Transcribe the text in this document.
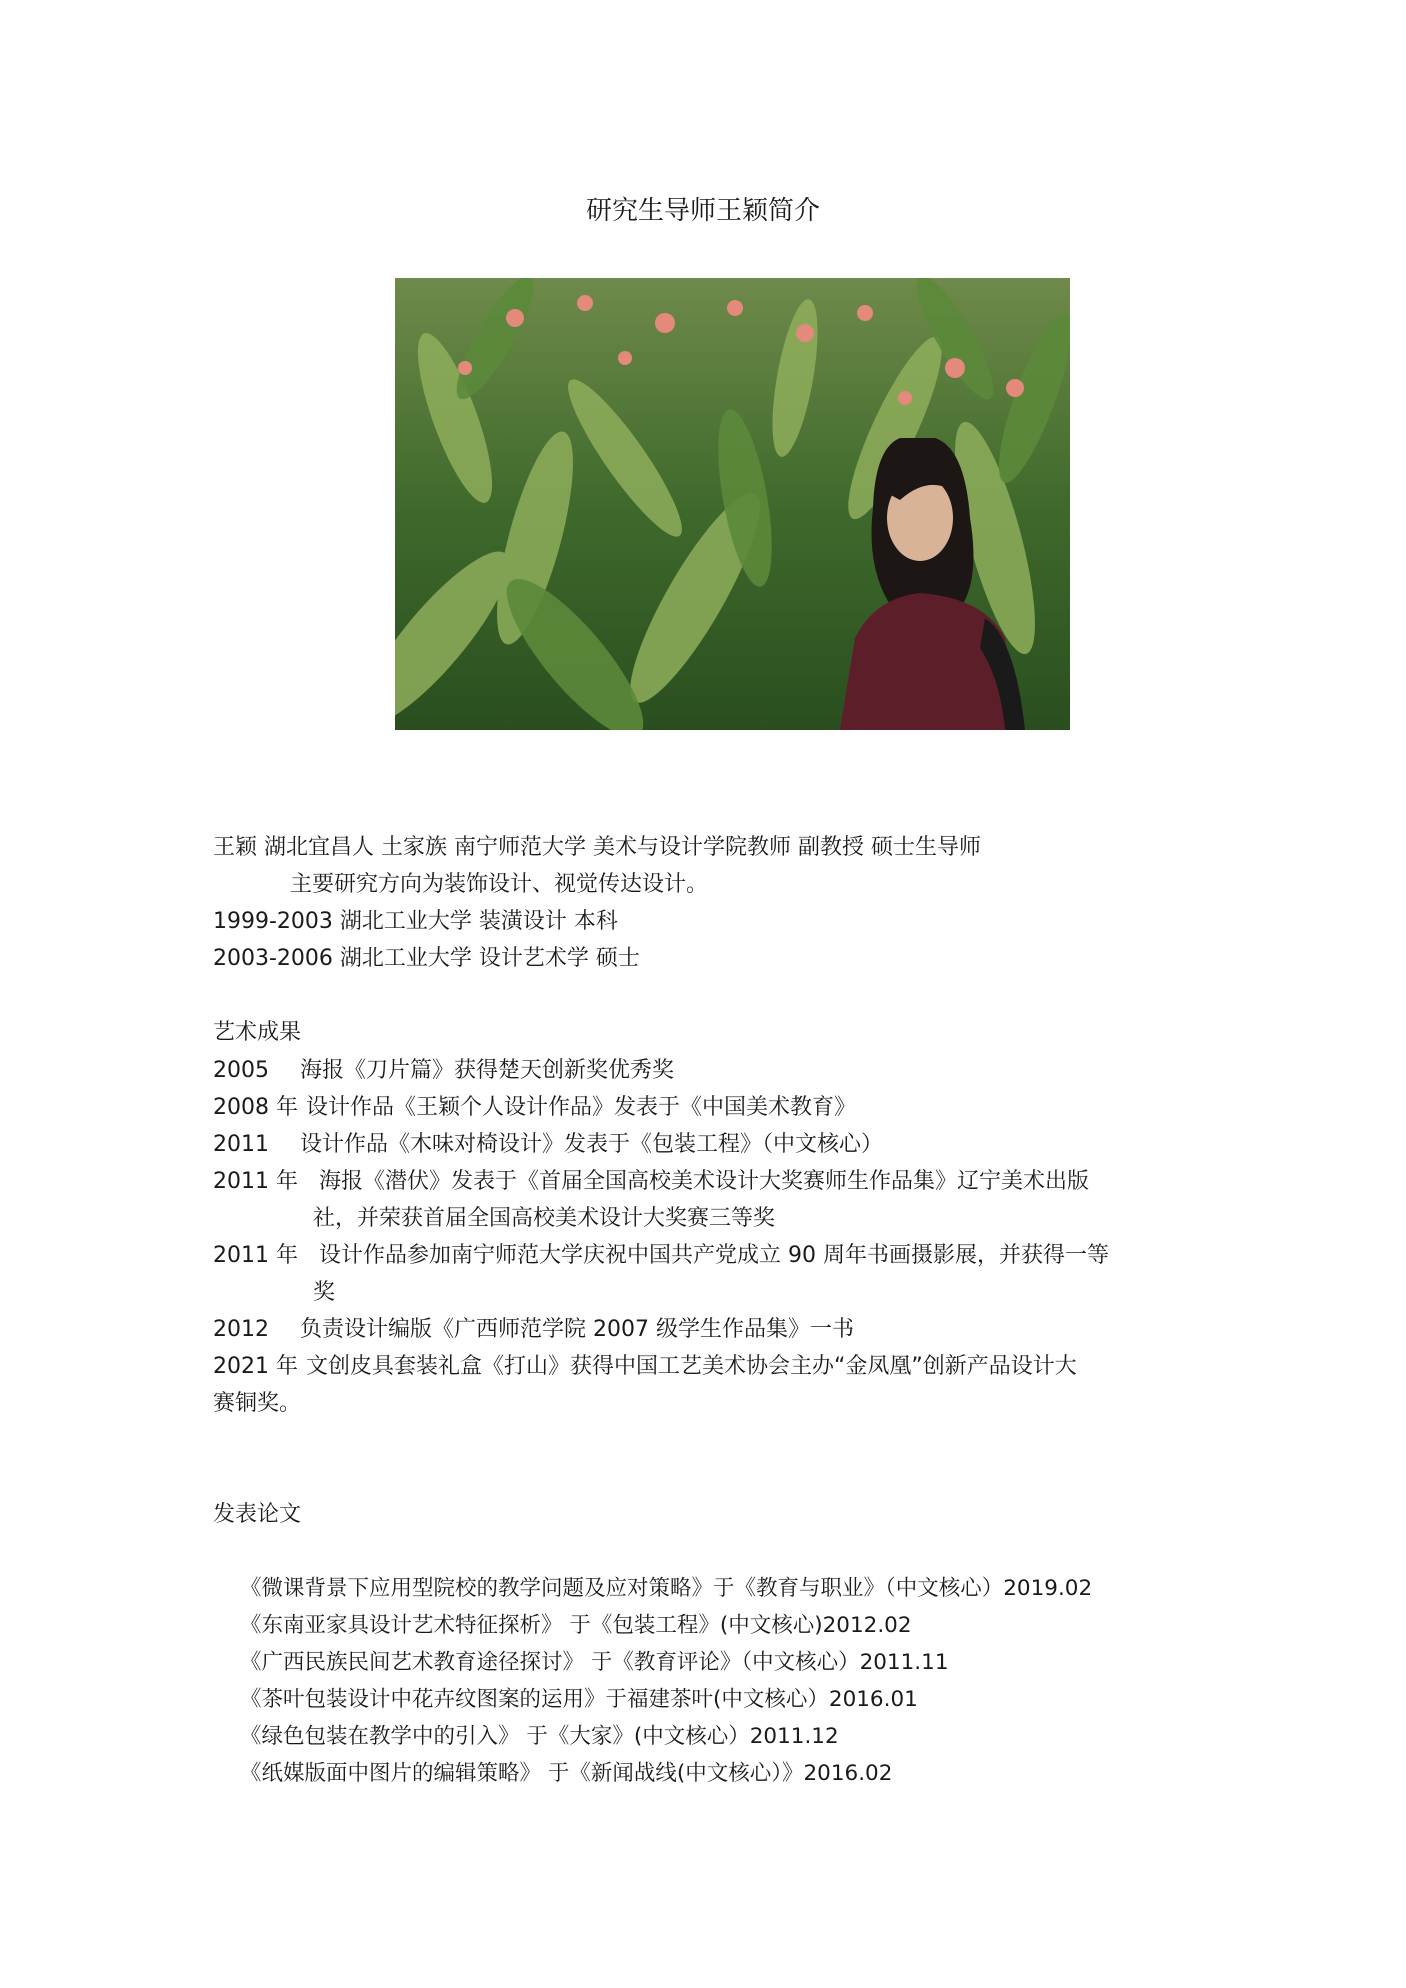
研究生导师王颖简介
王颖 湖北宜昌人 土家族 南宁师范大学 美术与设计学院教师 副教授 硕士生导师
主要研究方向为装饰设计、视觉传达设计。
1999-2003 湖北工业大学 装潢设计 本科
2003-2006 湖北工业大学 设计艺术学 硕士
艺术成果
2005 海报《刀片篇》获得楚天创新奖优秀奖
2008 年 设计作品《王颖个人设计作品》发表于《中国美术教育》
2011 设计作品《木味对椅设计》发表于《包装工程》（中文核心）
2011 年 海报《潜伏》发表于《首届全国高校美术设计大奖赛师生作品集》辽宁美术出版
社，并荣获首届全国高校美术设计大奖赛三等奖
2011 年 设计作品参加南宁师范大学庆祝中国共产党成立 90 周年书画摄影展，并获得一等
奖
2012 负责设计编版《广西师范学院 2007 级学生作品集》一书
2021 年 文创皮具套装礼盒《打山》获得中国工艺美术协会主办“金凤凰”创新产品设计大
赛铜奖。
发表论文
《微课背景下应用型院校的教学问题及应对策略》于《教育与职业》（中文核心）2019.02
《东南亚家具设计艺术特征探析》 于《包装工程》(中文核心)2012.02
《广西民族民间艺术教育途径探讨》 于《教育评论》（中文核心）2011.11
《茶叶包装设计中花卉纹图案的运用》于福建茶叶(中文核心）2016.01
《绿色包装在教学中的引入》 于《大家》(中文核心）2011.12
《纸媒版面中图片的编辑策略》 于《新闻战线(中文核心）》2016.02
